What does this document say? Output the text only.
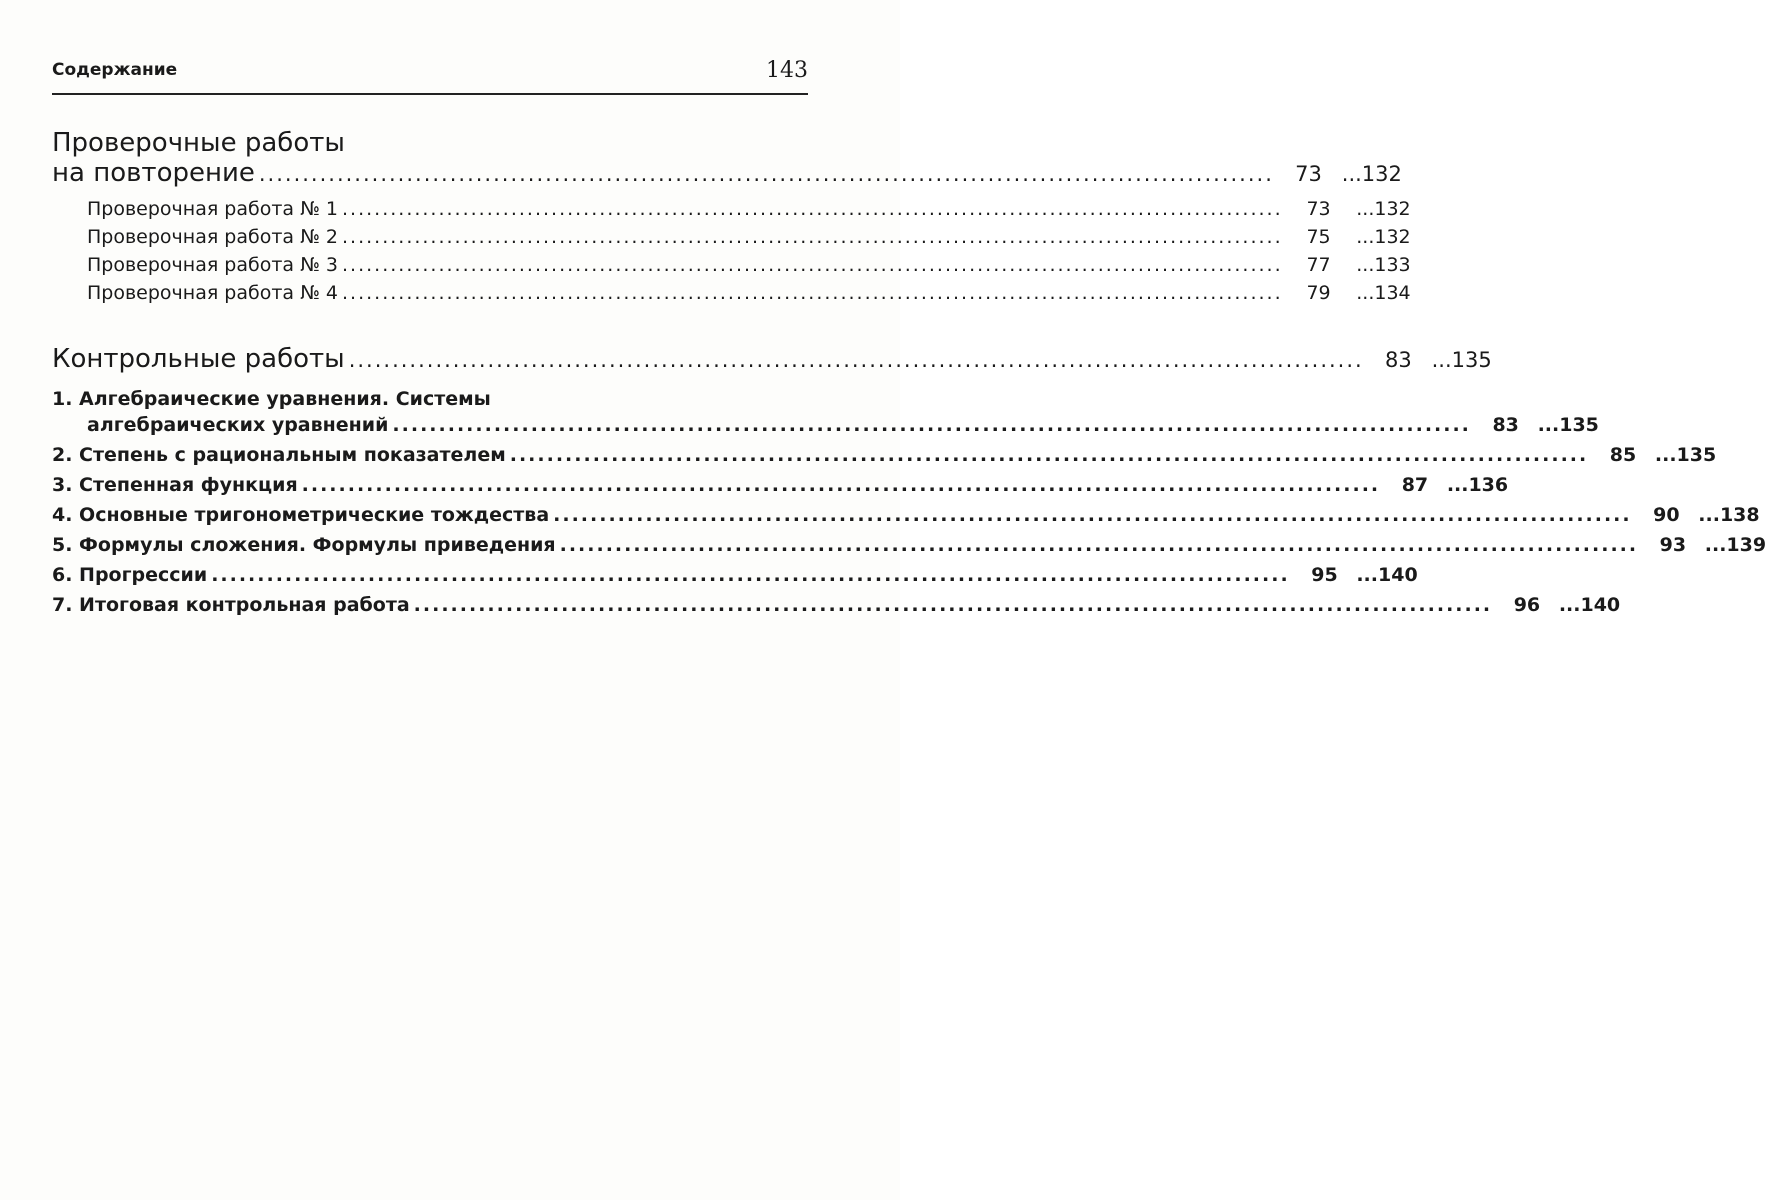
Содержание	143
Проверочные работы
на повторение .....................................................................................................................	73 ...132
Проверочная работа № 1 .....................................................................................................................	73	...132
Проверочная работа № 2 .....................................................................................................................	75	...132
Проверочная работа № 3 .....................................................................................................................	77	...133
Проверочная работа № 4 .....................................................................................................................	79	...134
Контрольные работы .....................................................................................................................	83 ...135
1. Алгебраические уравнения. Системы
алгебраических уравнений .....................................................................................................................	83 ...135
2. Степень с рациональным показателем .....................................................................................................................	85 ...135
3. Степенная функция .....................................................................................................................	87 ...136
4. Основные тригонометрические тождества .....................................................................................................................	90 ...138
5. Формулы сложения. Формулы приведения .....................................................................................................................	93 ...139
6. Прогрессии .....................................................................................................................	95 ...140
7. Итоговая контрольная работа .....................................................................................................................	96 ...140
